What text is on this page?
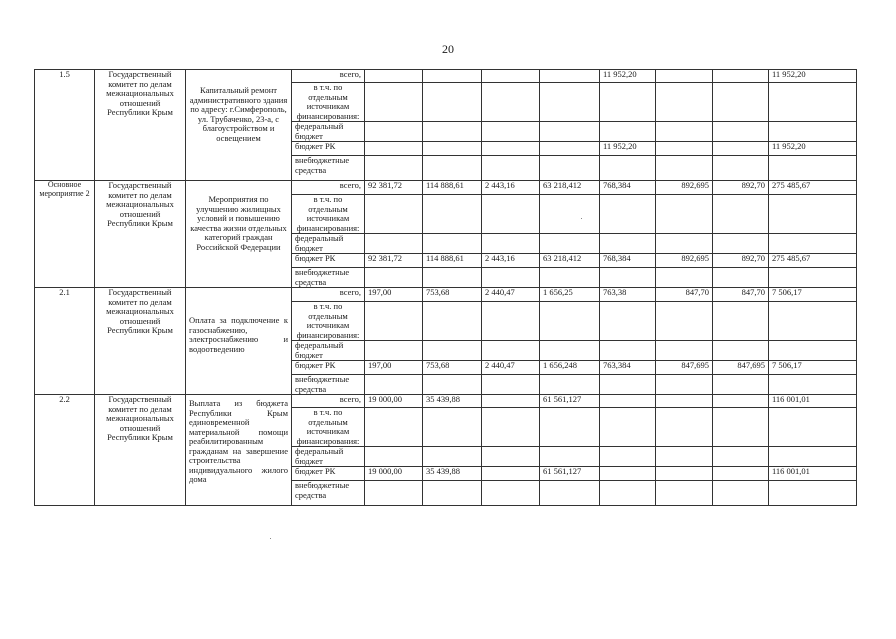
20
1.5	Государственный комитет по делам межнациональных отношений Республики Крым	Капитальный ремонт административного здания по адресу: г.Симферополь, ул. Трубаченко, 23-а, с благоустройством и освещением	всего,					11 952,20			11 952,20
			в т.ч. по отдельным источникам финансирования:								
			федеральный бюджет								
			бюджет РК					11 952,20			11 952,20
			внебюджетные средства								
Основное мероприятие 2	Государственный комитет по делам межнациональных отношений Республики Крым	Мероприятия по улучшению жилищных условий и повышению качества жизни отдельных категорий граждан Российской Федерации	всего,	92 381,72	114 888,61	2 443,16	63 218,412	768,384	892,695	892,70	275 485,67
			в т.ч. по отдельным источникам финансирования:								
			федеральный бюджет								
			бюджет РК	92 381,72	114 888,61	2 443,16	63 218,412	768,384	892,695	892,70	275 485,67
			внебюджетные средства								
2.1	Государственный комитет по делам межнациональных отношений Республики Крым	Оплата за подключение к газоснабжению, электроснабжению и водоотведению	всего,	197,00	753,68	2 440,47	1 656,25	763,38	847,70	847,70	7 506,17
			в т.ч. по отдельным источникам финансирования:								
			федеральный бюджет								
			бюджет РК	197,00	753,68	2 440,47	1 656,248	763,384	847,695	847,695	7 506,17
			внебюджетные средства								
2.2	Государственный комитет по делам межнациональных отношений Республики Крым	Выплата из бюджета Республики Крым единовременной материальной помощи реабилитированным гражданам на завершение строительства индивидуального жилого дома	всего,	19 000,00	35 439,88		61 561,127				116 001,01
			в т.ч. по отдельным источникам финансирования:								
			федеральный бюджет								
			бюджет РК	19 000,00	35 439,88		61 561,127				116 001,01
			внебюджетные средства								
